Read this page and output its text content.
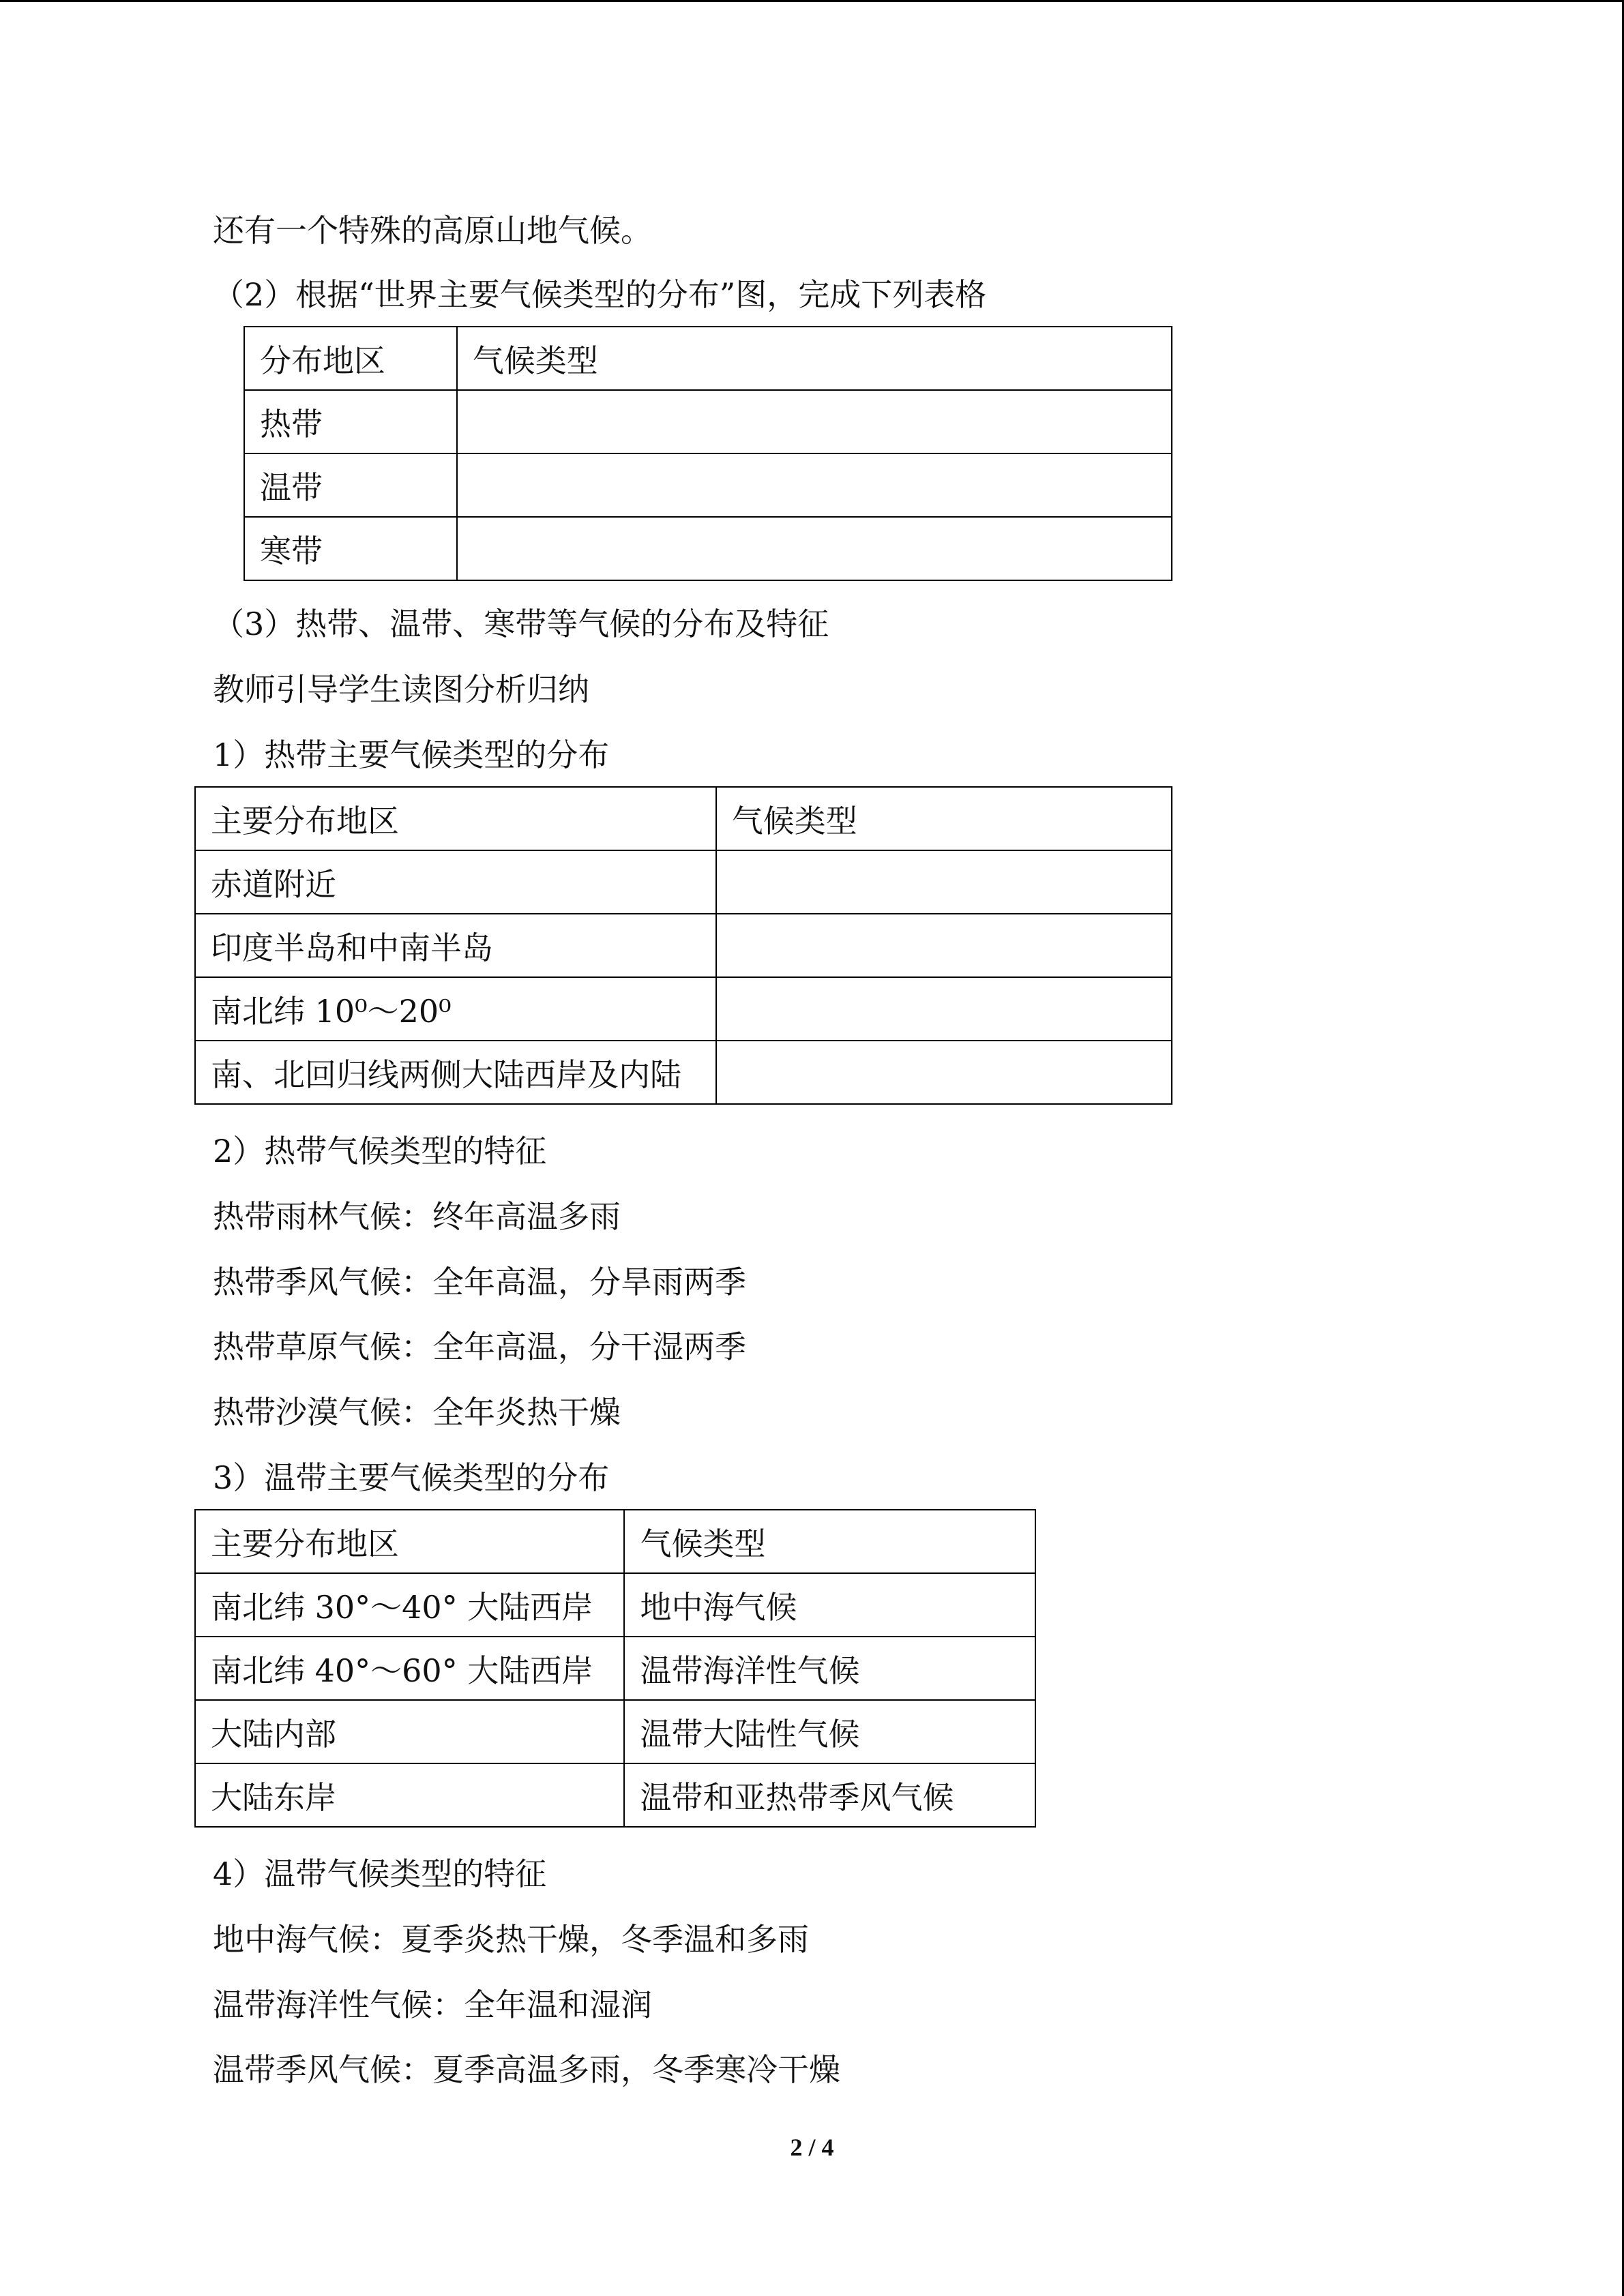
还有一个特殊的高原山地气候。
（2）根据“世界主要气候类型的分布”图，完成下列表格
分布地区	气候类型
热带	
温带	
寒带	
（3）热带、温带、寒带等气候的分布及特征
教师引导学生读图分析归纳
1）热带主要气候类型的分布
主要分布地区	气候类型
赤道附近	
印度半岛和中南半岛	
南北纬 10⁰～20⁰	
南、北回归线两侧大陆西岸及内陆	
2）热带气候类型的特征
热带雨林气候：终年高温多雨
热带季风气候：全年高温，分旱雨两季
热带草原气候：全年高温，分干湿两季
热带沙漠气候：全年炎热干燥
3）温带主要气候类型的分布
主要分布地区	气候类型
南北纬 30°～40° 大陆西岸	地中海气候
南北纬 40°～60° 大陆西岸	温带海洋性气候
大陆内部	温带大陆性气候
大陆东岸	温带和亚热带季风气候
4）温带气候类型的特征
地中海气候：夏季炎热干燥，冬季温和多雨
温带海洋性气候：全年温和湿润
温带季风气候：夏季高温多雨，冬季寒冷干燥
2 / 4
